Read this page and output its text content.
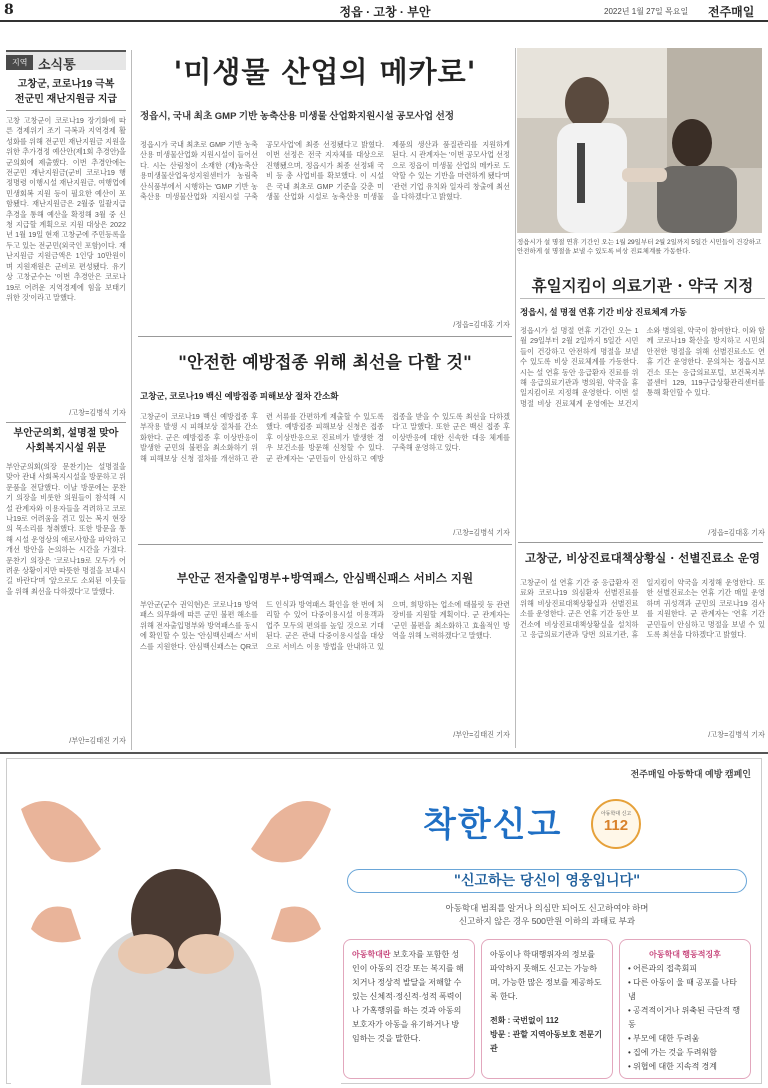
8	정읍 · 고창 · 부안	2022년 1월 27일 목요일 전주매일
지역 소식통
고창군, 코로나19 극복
전군민 재난지원금 지급
고창 고창군이 코로나19 장기화에 따른 경제위기 조기 극복과 지역경제 활성화를 위해 전군민 재난지원금 지원을 위한 추가경정 예산안(제1회 추경안)을 군의회에 제출했다. 이번 추경안에는 전군민 재난지원금(군비 코로나19 행정명령 이행시설 재난지원금, 여행업에 민생회복 지원 등이 필요한 예산이 포함됐다. 재난지원금은 2월중 일괄지급 추경을 통해 예산을 확정해 3월 중 신청 지급할 계획으로 지원 대상은 2022년 1월 19일 현재 고창군에 주민등록을 두고 있는 전군민(외국인 포함)이다. 재난지원금 지원금액은 1인당 10만원이며 지원재원은 군비로 편성됐다. 유기상 고창군수는 '이번 추경안은 코로나19로 어려운 지역경제에 힘을 보태기 위한 것'이라고 말했다.
/고창=김병석 기자
부안군의회, 설명절 맞아
사회복지시설 위문
부안군의회(의장 문찬기)는 설명절을 맞아 관내 사회복지시설을 방문하고 위문품을 전달했다. 이날 방문에는 문찬기 의장을 비롯한 의원들이 참석해 시설 관계자와 이용자들을 격려하고 코로나19로 어려움을 겪고 있는 복지 현장의 목소리를 청취했다. 또한 방문을 통해 시설 운영상의 애로사항을 파악하고 개선 방안을 논의하는 시간을 가졌다. 문찬기 의장은 '코로나19로 모두가 어려운 상황이지만 따뜻한 명절을 보내시길 바란다'며 '앞으로도 소외된 이웃들을 위해 최선을 다하겠다'고 말했다.
/부안=김태진 기자
'미생물 산업의 메카로'
정읍시, 국내 최초 GMP 기반 농축산용 미생물 산업화지원시설 공모사업 선정
정읍시가 국내 최초로 GMP 기반 농축산용 미생물산업화 지원시설이 들어선다. 시는 산림청이 소재한 (재)농축산용미생물산업육성지원센터가 농림축산식품부에서 시행하는 'GMP 기반 농축산용 미생물산업화 지원시설 구축 공모사업'에 최종 선정됐다고 밝혔다. 이번 선정은 전국 지자체를 대상으로 진행됐으며, 정읍시가 최종 선정돼 국비 등 총 사업비를 확보했다. 이 시설은 국내 최초로 GMP 기준을 갖춘 미생물 산업화 시설로 농축산용 미생물 제품의 생산과 품질관리를 지원하게 된다. 시 관계자는 '이번 공모사업 선정으로 정읍이 미생물 산업의 메카로 도약할 수 있는 기반을 마련하게 됐다'며 '관련 기업 유치와 일자리 창출에 최선을 다하겠다'고 밝혔다.
/정읍=김대홍 기자
정읍시가 설 명절 연휴 기간인 오는 1월 29일부터 2월 2일까지 5일간 시민들이 건강하고 안전하게 설 명절을 보낼 수 있도록 비상 진료체계를 가동한다.
휴일지킴이 의료기관 · 약국 지정
정읍시, 설 명절 연휴 기간 비상 진료체계 가동
정읍시가 설 명절 연휴 기간인 오는 1월 29일부터 2월 2일까지 5일간 시민들이 건강하고 안전하게 명절을 보낼 수 있도록 비상 진료체계를 가동한다. 시는 설 연휴 동안 응급환자 진료를 위해 응급의료기관과 병의원, 약국을 휴일지킴이로 지정해 운영한다. 이번 설 명절 비상 진료체계 운영에는 보건지소와 병의원, 약국이 참여한다. 이와 함께 코로나19 확산을 방지하고 시민의 안전한 명절을 위해 선별진료소도 연휴 기간 운영한다. 문의처는 정읍시보건소 또는 응급의료포털, 보건복지부 콜센터 129, 119구급상황관리센터를 통해 확인할 수 있다.
/정읍=김대홍 기자
"안전한 예방접종 위해 최선을 다할 것"
고창군, 코로나19 백신 예방접종 피해보상 절차 간소화
고창군이 코로나19 백신 예방접종 후 부작용 발생 시 피해보상 절차를 간소화한다. 군은 예방접종 후 이상반응이 발생한 군민의 불편을 최소화하기 위해 피해보상 신청 절차를 개선하고 관련 서류를 간편하게 제출할 수 있도록 했다. 예방접종 피해보상 신청은 접종 후 이상반응으로 진료비가 발생한 경우 보건소를 방문해 신청할 수 있다. 군 관계자는 '군민들이 안심하고 예방접종을 받을 수 있도록 최선을 다하겠다'고 말했다. 또한 군은 백신 접종 후 이상반응에 대한 신속한 대응 체계를 구축해 운영하고 있다.
/고창=김병석 기자
고창군, 비상진료대책상황실 · 선별진료소 운영
고창군이 설 연휴 기간 중 응급환자 진료와 코로나19 의심환자 선별진료를 위해 비상진료대책상황실과 선별진료소를 운영한다. 군은 연휴 기간 동안 보건소에 비상진료대책상황실을 설치하고 응급의료기관과 당번 의료기관, 휴일지킴이 약국을 지정해 운영한다. 또한 선별진료소는 연휴 기간 매일 운영하며 귀성객과 군민의 코로나19 검사를 지원한다. 군 관계자는 '연휴 기간 군민들이 안심하고 명절을 보낼 수 있도록 최선을 다하겠다'고 밝혔다.
/고창=김병석 기자
부안군 전자출입명부+방역패스, 안심백신패스 서비스 지원
부안군(군수 권익현)은 코로나19 방역패스 의무화에 따른 군민 불편 해소를 위해 전자출입명부와 방역패스를 동시에 확인할 수 있는 '안심백신패스' 서비스를 지원한다. 안심백신패스는 QR코드 인식과 방역패스 확인을 한 번에 처리할 수 있어 다중이용시설 이용객과 업주 모두의 편의를 높일 것으로 기대된다. 군은 관내 다중이용시설을 대상으로 서비스 이용 방법을 안내하고 있으며, 희망하는 업소에 태블릿 등 관련 장비를 지원할 계획이다. 군 관계자는 '군민 불편을 최소화하고 효율적인 방역을 위해 노력하겠다'고 말했다.
/부안=김태진 기자
전주매일 아동학대 예방 캠페인
착한신고	아동학대 신고
112
"신고하는 당신이 영웅입니다"
아동학대 범죄를 알거나 의심만 되어도 신고하여야 하며
신고하지 않은 경우 500만원 이하의 과태료 부과
아동학대란 보호자를 포함한 성인이 아동의 건강 또는 복지를 해치거나 정상적 발달을 저해할 수 있는 신체적·정신적·성적 폭력이나 가혹행위를 하는 것과 아동의 보호자가 아동을 유기하거나 방임하는 것을 말한다.
아동이나 학대행위자의 정보를 파악하지 못해도 신고는 가능하며, 가능한 많은 정보를 제공하도록 한다.
전화 : 국번없이 112
방문 : 관할 지역아동보호 전문기관
아동학대 행동적징후
• 어른과의 접촉회피
• 다른 아동이 울 때 공포를 나타냄
• 공격적이거나 위축된 극단적 행동
• 부모에 대한 두려움
• 집에 가는 것을 두려워함
• 위협에 대한 지속적 경계
